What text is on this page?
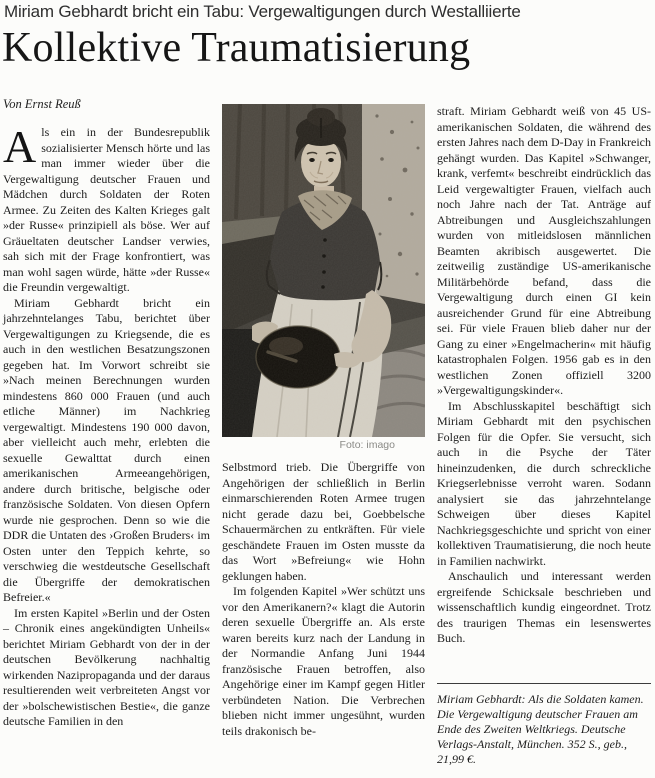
Miriam Gebhardt bricht ein Tabu: Vergewaltigungen durch Westalliierte
Kollektive Traumatisierung
Von Ernst Reuß

Als ein in der Bundesrepublik sozialisierter Mensch hörte und las man immer wieder über die Vergewaltigung deutscher Frauen und Mädchen durch Soldaten der Roten Armee. Zu Zeiten des Kalten Krieges galt »der Russe« prinzipiell als böse. Wer auf Gräueltaten deutscher Landser verwies, sah sich mit der Frage konfrontiert, was man wohl sagen würde, hätte »der Russe« die Freundin vergewaltigt.

Miriam Gebhardt bricht ein jahrzehntelanges Tabu, berichtet über Vergewaltigungen zu Kriegsende, die es auch in den westlichen Besatzungszonen gegeben hat. Im Vorwort schreibt sie »Nach meinen Berechnungen wurden mindestens 860 000 Frauen (und auch etliche Männer) im Nachkrieg vergewaltigt. Mindestens 190 000 davon, aber vielleicht auch mehr, erlebten die sexuelle Gewalttat durch einen amerikanischen Armeeangehörigen, andere durch britische, belgische oder französische Soldaten. Von diesen Opfern wurde nie gesprochen. Denn so wie die DDR die Untaten des ›Großen Bruders‹ im Osten unter den Teppich kehrte, so verschwieg die westdeutsche Gesellschaft die Übergriffe der demokratischen Befreier.«

Im ersten Kapitel »Berlin und der Osten – Chronik eines angekündigten Unheils« berichtet Miriam Gebhardt von der in der deutschen Bevölkerung nachhaltig wirkenden Nazipropaganda und der daraus resultierenden weit verbreiteten Angst vor der »bolschewistischen Bestie«, die ganze deutsche Familien in den

Foto: imago

Selbstmord trieb. Die Übergriffe von Angehörigen der schließlich in Berlin einmarschierenden Roten Armee trugen nicht gerade dazu bei, Goebbelsche Schauermärchen zu entkräften. Für viele geschändete Frauen im Osten musste da das Wort »Befreiung« wie Hohn geklungen haben.

Im folgenden Kapitel »Wer schützt uns vor den Amerikanern?« klagt die Autorin deren sexuelle Übergriffe an. Als erste waren bereits kurz nach der Landung in der Normandie Anfang Juni 1944 französische Frauen betroffen, also Angehörige einer im Kampf gegen Hitler verbündeten Nation. Die Verbrechen blieben nicht immer ungesühnt, wurden teils drakonisch be-

straft. Miriam Gebhardt weiß von 45 US-amerikanischen Soldaten, die während des ersten Jahres nach dem D-Day in Frankreich gehängt wurden. Das Kapitel »Schwanger, krank, verfemt« beschreibt eindrücklich das Leid vergewaltigter Frauen, vielfach auch noch Jahre nach der Tat. Anträge auf Abtreibungen und Ausgleichszahlungen wurden von mitleidslosen männlichen Beamten akribisch ausgewertet. Die zeitweilig zuständige US-amerikanische Militärbehörde befand, dass die Vergewaltigung durch einen GI kein ausreichender Grund für eine Abtreibung sei. Für viele Frauen blieb daher nur der Gang zu einer »Engelmacherin« mit häufig katastrophalen Folgen. 1956 gab es in den westlichen Zonen offiziell 3200 »Vergewaltigungskinder«.

Im Abschlusskapitel beschäftigt sich Miriam Gebhardt mit den psychischen Folgen für die Opfer. Sie versucht, sich auch in die Psyche der Täter hineinzudenken, die durch schreckliche Kriegserlebnisse verroht waren. Sodann analysiert sie das jahrzehntelange Schweigen über dieses Kapitel Nachkriegsgeschichte und spricht von einer kollektiven Traumatisierung, die noch heute in Familien nachwirkt.

Anschaulich und interessant werden ergreifende Schicksale beschrieben und wissenschaftlich kundig eingeordnet. Trotz des traurigen Themas ein lesenswertes Buch.

Miriam Gebhardt: Als die Soldaten kamen. Die Vergewaltigung deutscher Frauen am Ende des Zweiten Weltkriegs. Deutsche Verlags-Anstalt, München. 352 S., geb., 21,99 €.
